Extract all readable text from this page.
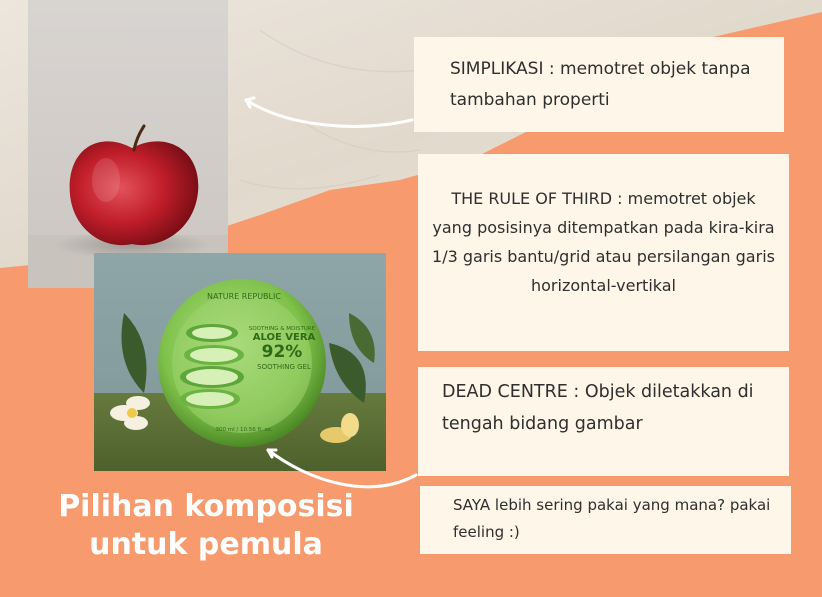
NATURE REPUBLIC
SOOTHING & MOISTURE
ALOE VERA
92%
SOOTHING GEL
300 ml / 10.56 fl. oz.
SIMPLIKASI : memotret objek tanpa tambahan properti
THE RULE OF THIRD : memotret objek yang posisinya ditempatkan pada kira-kira 1/3 garis bantu/grid atau persilangan garis horizontal-vertikal
DEAD CENTRE : Objek diletakkan di tengah bidang gambar
SAYA lebih sering pakai yang mana? pakai feeling :)
Pilihan komposisi untuk pemula
